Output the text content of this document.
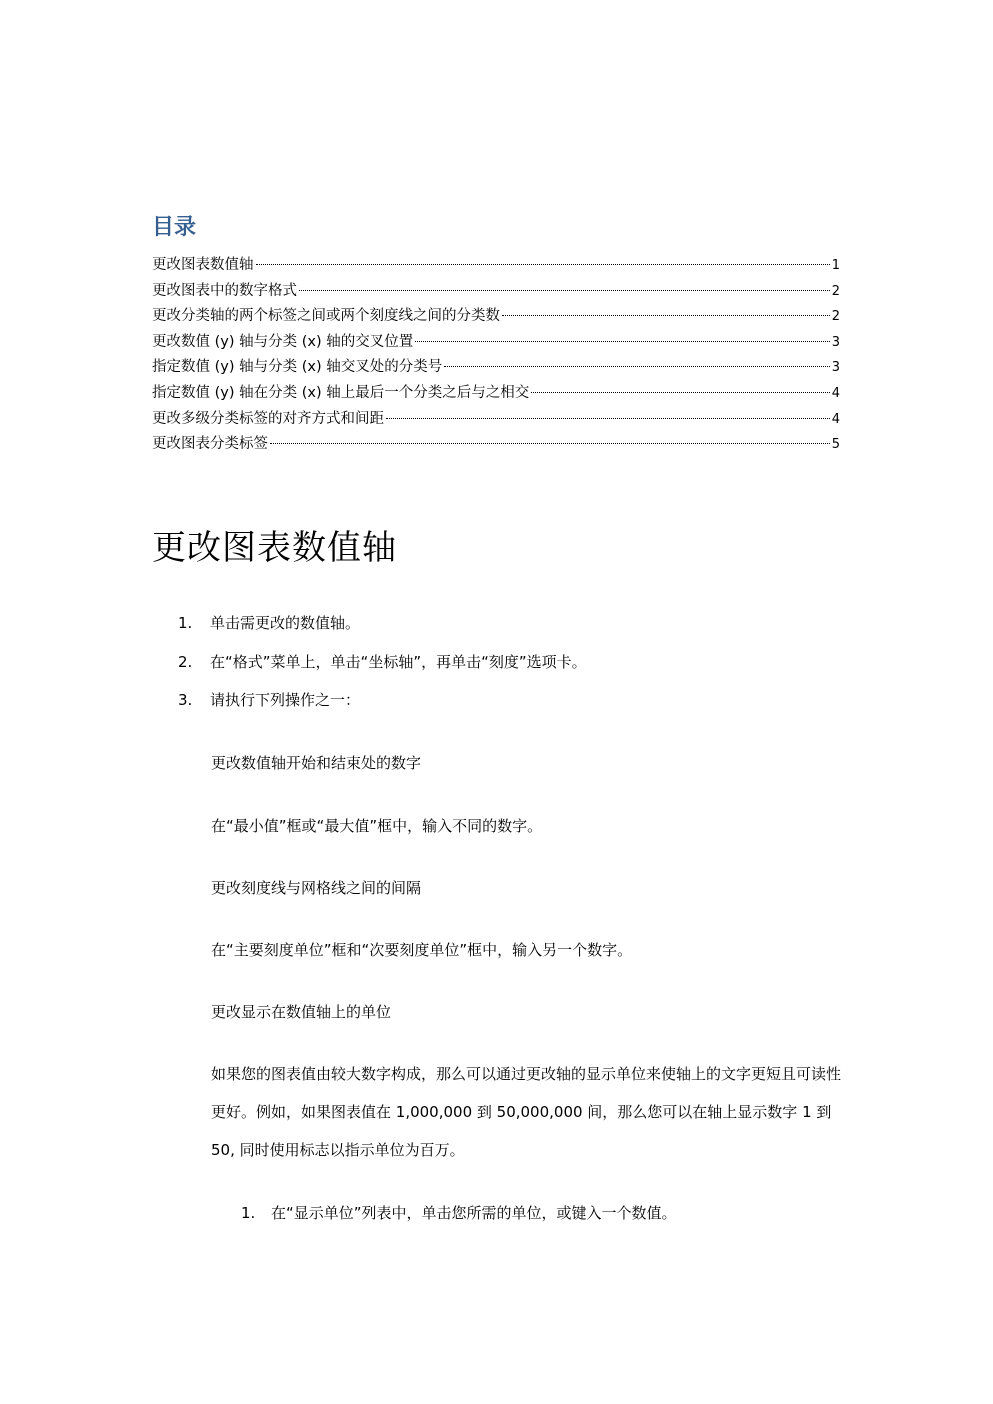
目录
更改图表数值轴	1
更改图表中的数字格式	2
更改分类轴的两个标签之间或两个刻度线之间的分类数	2
更改数值 (y) 轴与分类 (x) 轴的交叉位置	3
指定数值 (y) 轴与分类 (x) 轴交叉处的分类号	3
指定数值 (y) 轴在分类 (x) 轴上最后一个分类之后与之相交	4
更改多级分类标签的对齐方式和间距	4
更改图表分类标签	5
更改图表数值轴
1. 单击需更改的数值轴。
2. 在“格式”菜单上，单击“坐标轴”，再单击“刻度”选项卡。
3. 请执行下列操作之一：

更改数值轴开始和结束处的数字

在“最小值”框或“最大值”框中，输入不同的数字。

更改刻度线与网格线之间的间隔

在“主要刻度单位”框和“次要刻度单位”框中，输入另一个数字。

更改显示在数值轴上的单位

如果您的图表值由较大数字构成，那么可以通过更改轴的显示单位来使轴上的文字更短且可读性更好。例如，如果图表值在 1,000,000 到 50,000,000 间，那么您可以在轴上显示数字 1 到 50, 同时使用标志以指示单位为百万。

1. 在“显示单位”列表中，单击您所需的单位，或键入一个数值。
